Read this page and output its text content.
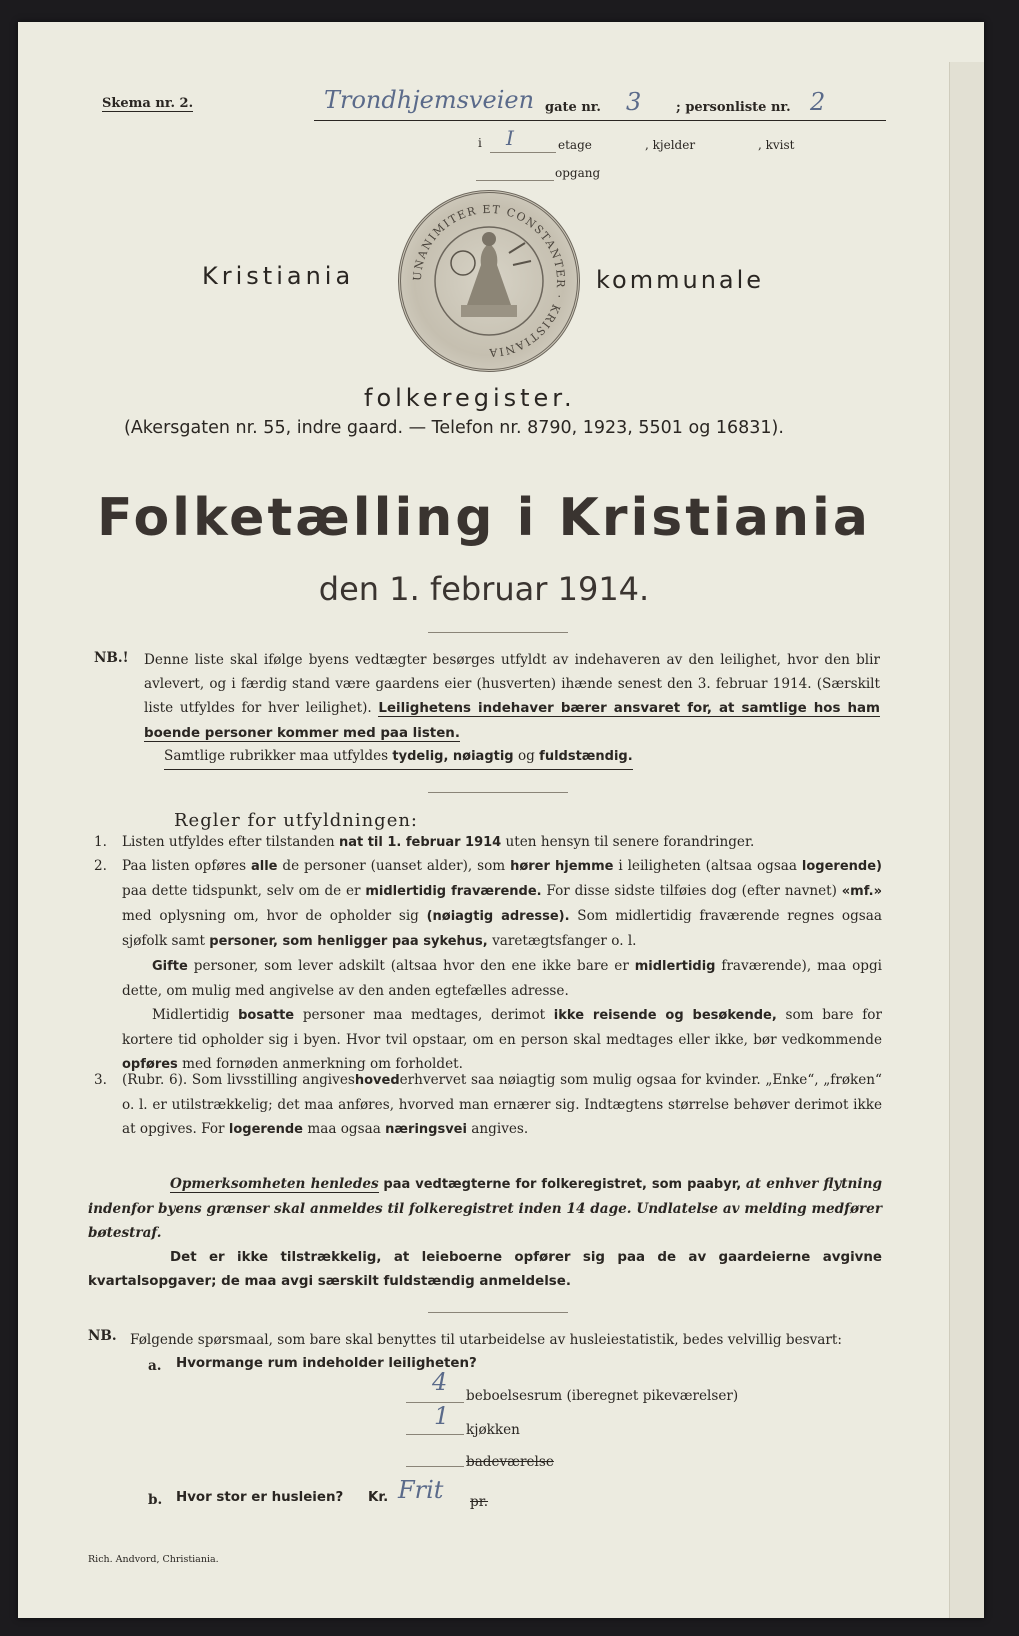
Skema nr. 2.	Trondhjemsveien gate nr. 3	; personliste nr. 2
i I	etage	, kjelder	, kvist
opgang
UNANIMITER ET CONSTANTER · KRISTIANIA
Kristiania	kommunale
folkeregister.
(Akersgaten nr. 55, indre gaard. — Telefon nr. 8790, 1923, 5501 og 16831).
Folketælling i Kristiania
den 1. februar 1914.
NB.! Denne liste skal ifølge byens vedtægter besørges utfyldt av indehaveren av den leilighet, hvor den blir avlevert, og i færdig stand være gaardens eier (husverten) ihænde senest den 3. februar 1914. (Særskilt liste utfyldes for hver leilighet). Leilighetens indehaver bærer ansvaret for, at samtlige hos ham boende personer kommer med paa listen.
Samtlige rubrikker maa utfyldes tydelig, nøiagtig og fuldstændig.
Regler for utfyldningen:
1. Listen utfyldes efter tilstanden nat til 1. februar 1914 uten hensyn til senere forandringer.
2. Paa listen opføres alle de personer (uanset alder), som hører hjemme i leiligheten (altsaa ogsaa logerende) paa dette tidspunkt, selv om de er midlertidig fraværende. For disse sidste tilføies dog (efter navnet) «mf.» med oplysning om, hvor de opholder sig (nøiagtig adresse). Som midlertidig fraværende regnes ogsaa sjøfolk samt personer, som henligger paa sykehus, varetægtsfanger o. l.

Gifte personer, som lever adskilt (altsaa hvor den ene ikke bare er midlertidig fraværende), maa opgi dette, om mulig med angivelse av den anden egtefælles adresse.

Midlertidig bosatte personer maa medtages, derimot ikke reisende og besøkende, som bare for kortere tid opholder sig i byen. Hvor tvil opstaar, om en person skal medtages eller ikke, bør vedkommende opføres med fornøden anmerkning om forholdet.

3. (Rubr. 6). Som livsstilling angiveshovederhvervet saa nøiagtig som mulig ogsaa for kvinder. „Enke“, „frøken“ o. l. er utilstrækkelig; det maa anføres, hvorved man ernærer sig. Indtægtens størrelse behøver derimot ikke at opgives. For logerende maa ogsaa næringsvei angives.
Opmerksomheten henledes paa vedtægterne for folkeregistret, som paabyr, at enhver flytning indenfor byens grænser skal anmeldes til folkeregistret inden 14 dage. Undlatelse av melding medfører bøtestraf.
Det er ikke tilstrækkelig, at leieboerne opfører sig paa de av gaardeierne avgivne kvartalsopgaver; de maa avgi særskilt fuldstændig anmeldelse.
NB. Følgende spørsmaal, som bare skal benyttes til utarbeidelse av husleiestatistik, bedes velvillig besvart:
a. Hvormange rum indeholder leiligheten?
4 beboelsesrum (iberegnet pikeværelser)
1 kjøkken
badeværelse
b. Hvor stor er husleien? Kr. Frit pr.
Rich. Andvord, Christiania.
